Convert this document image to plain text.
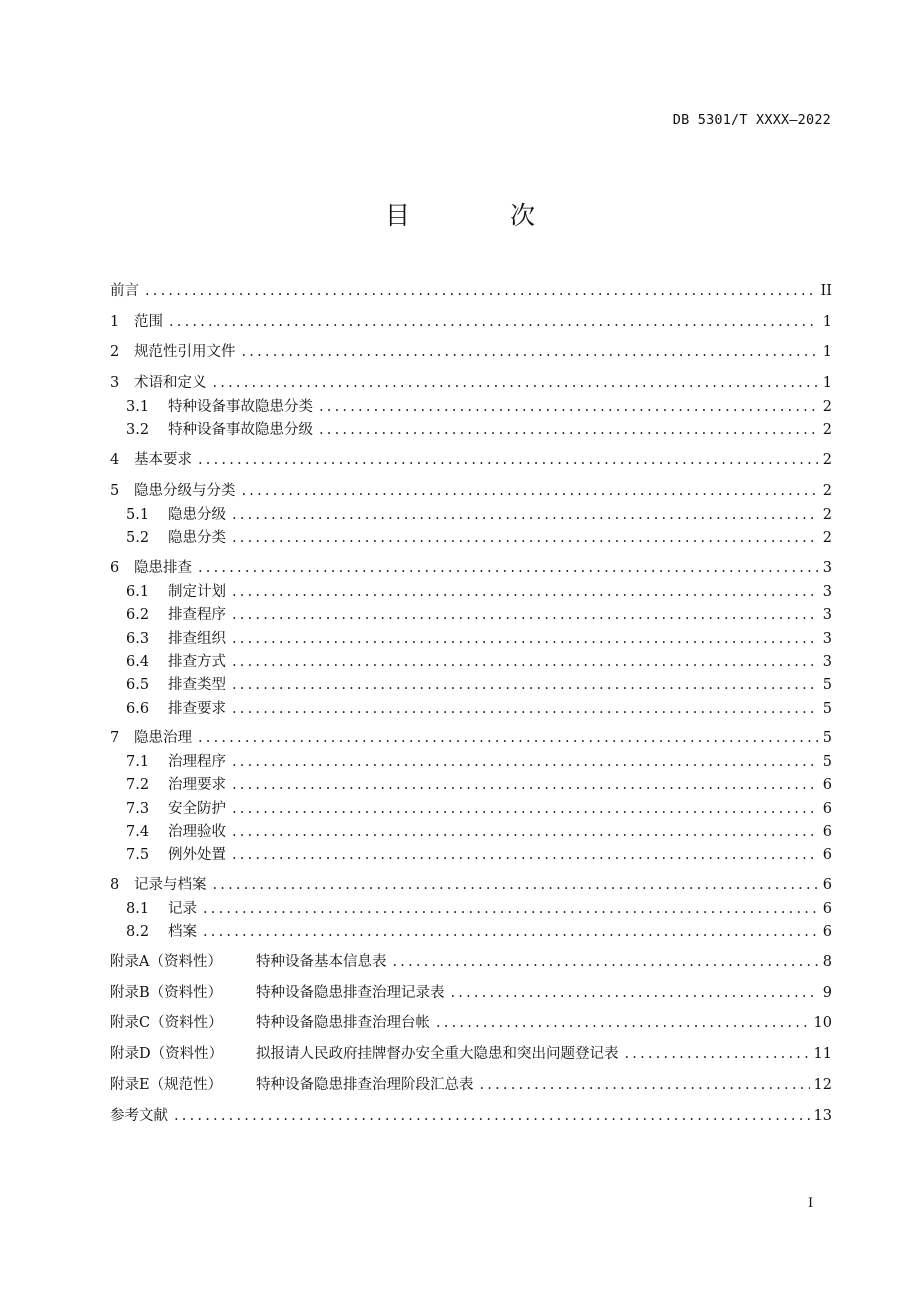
DB 5301/T XXXX—2022
目 次
前言 .....	II
1 范围 .....	1
2 规范性引用文件 .....	1
3 术语和定义 .....	1
3.1 特种设备事故隐患分类 .....	2
3.2 特种设备事故隐患分级 .....	2
4 基本要求 .....	2
5 隐患分级与分类 .....	2
5.1 隐患分级 .....	2
5.2 隐患分类 .....	2
6 隐患排查 .....	3
6.1 制定计划 .....	3
6.2 排查程序 .....	3
6.3 排查组织 .....	3
6.4 排查方式 .....	3
6.5 排查类型 .....	5
6.6 排查要求 .....	5
7 隐患治理 .....	5
7.1 治理程序 .....	5
7.2 治理要求 .....	6
7.3 安全防护 .....	6
7.4 治理验收 .....	6
7.5 例外处置 .....	6
8 记录与档案 .....	6
8.1 记录 .....	6
8.2 档案 .....	6
附录A（资料性） 特种设备基本信息表 .....	8
附录B（资料性） 特种设备隐患排查治理记录表 .....	9
附录C（资料性） 特种设备隐患排查治理台帐 .....	10
附录D（资料性） 拟报请人民政府挂牌督办安全重大隐患和突出问题登记表 .....	11
附录E（规范性） 特种设备隐患排查治理阶段汇总表 .....	12
参考文献 .....	13
I
